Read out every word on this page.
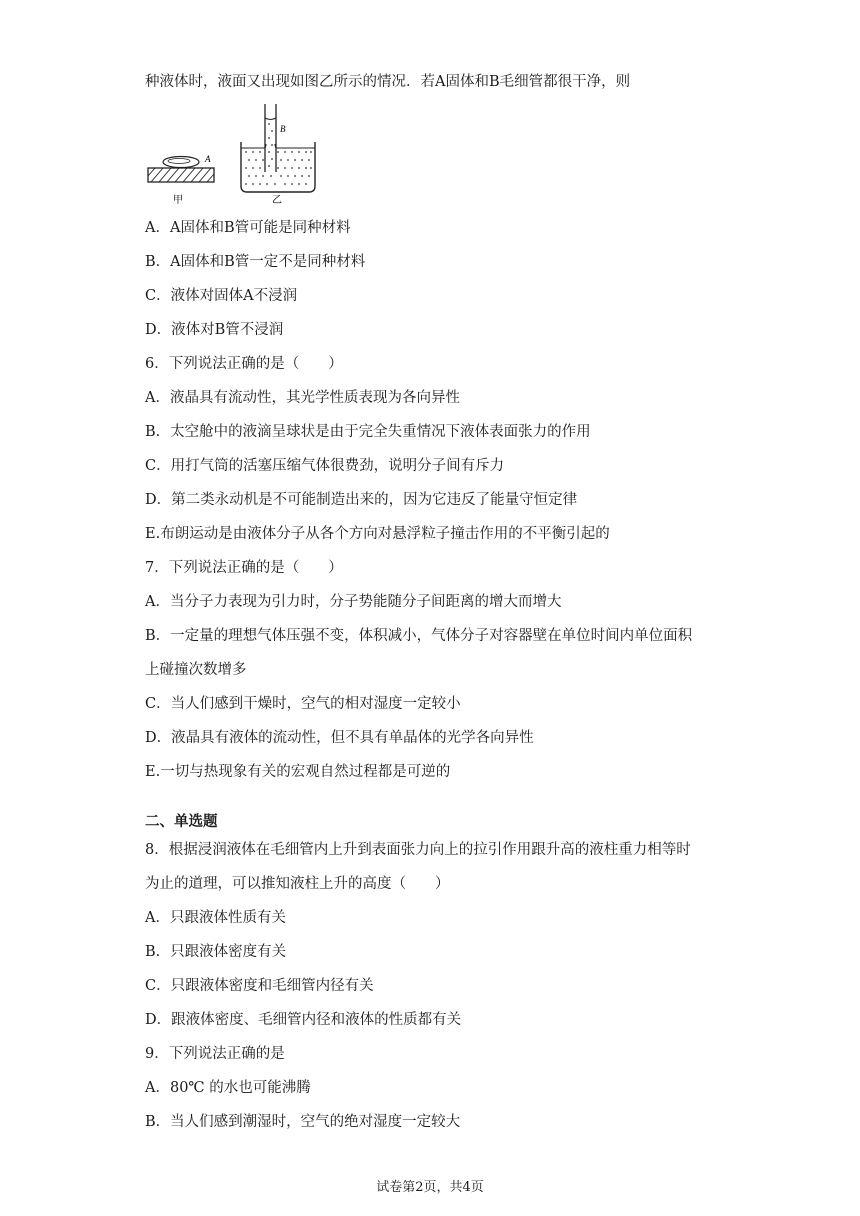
种液体时，液面又出现如图乙所示的情况．若A固体和B毛细管都很干净，则
A
甲
B
乙
A．A固体和B管可能是同种材料
B．A固体和B管一定不是同种材料
C．液体对固体A不浸润
D．液体对B管不浸润
6．下列说法正确的是（　　）
A．液晶具有流动性，其光学性质表现为各向异性
B．太空舱中的液滴呈球状是由于完全失重情况下液体表面张力的作用
C．用打气筒的活塞压缩气体很费劲，说明分子间有斥力
D．第二类永动机是不可能制造出来的，因为它违反了能量守恒定律
E.布朗运动是由液体分子从各个方向对悬浮粒子撞击作用的不平衡引起的
7．下列说法正确的是（　　）
A．当分子力表现为引力时，分子势能随分子间距离的增大而增大
B．一定量的理想气体压强不变，体积减小，气体分子对容器壁在单位时间内单位面积
上碰撞次数增多
C．当人们感到干燥时，空气的相对湿度一定较小
D．液晶具有液体的流动性，但不具有单晶体的光学各向异性
E.一切与热现象有关的宏观自然过程都是可逆的
二、单选题
8．根据浸润液体在毛细管内上升到表面张力向上的拉引作用跟升高的液柱重力相等时
为止的道理，可以推知液柱上升的高度（　　）
A．只跟液体性质有关
B．只跟液体密度有关
C．只跟液体密度和毛细管内径有关
D．跟液体密度、毛细管内径和液体的性质都有关
9．下列说法正确的是
A．80℃ 的水也可能沸腾
B．当人们感到潮湿时，空气的绝对湿度一定较大
试卷第2页，共4页
